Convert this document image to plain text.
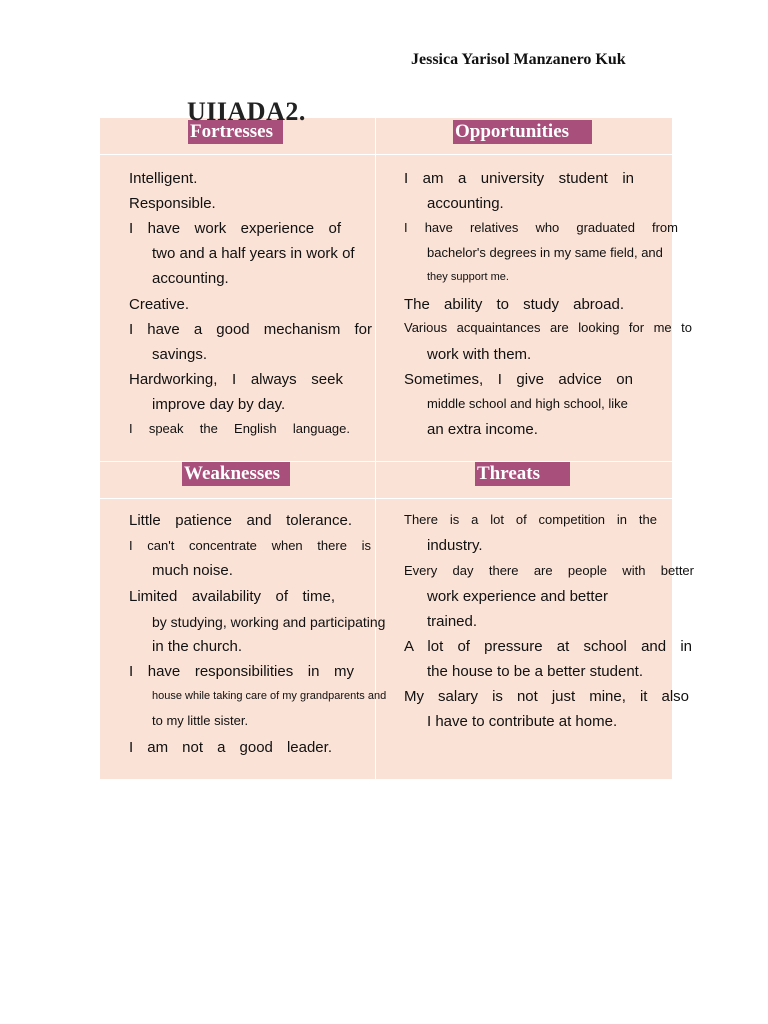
Jessica Yarisol Manzanero Kuk
Fortresses	Opportunities
Weaknesses	Threats
Intelligent.
Responsible.
I have work experience of
two and a half years in work of
accounting.
Creative.
I have a good mechanism for
savings.
Hardworking, I always seek
improve day by day.
I speak the English language.
I am a university student in
accounting.
I have relatives who graduated from
bachelor's degrees in my same field, and
they support me.
The ability to study abroad.
Various acquaintances are looking for me to
work with them.
Sometimes, I give advice on
middle school and high school, like
an extra income.
Little patience and tolerance.
I can't concentrate when there is
much noise.
Limited availability of time,
by studying, working and participating
in the church.
I have responsibilities in my
house while taking care of my grandparents and
to my little sister.
I am not a good leader.
There is a lot of competition in the
industry.
Every day there are people with better
work experience and better
trained.
A lot of pressure at school and in
the house to be a better student.
My salary is not just mine, it also
I have to contribute at home.
UIIADA2.
